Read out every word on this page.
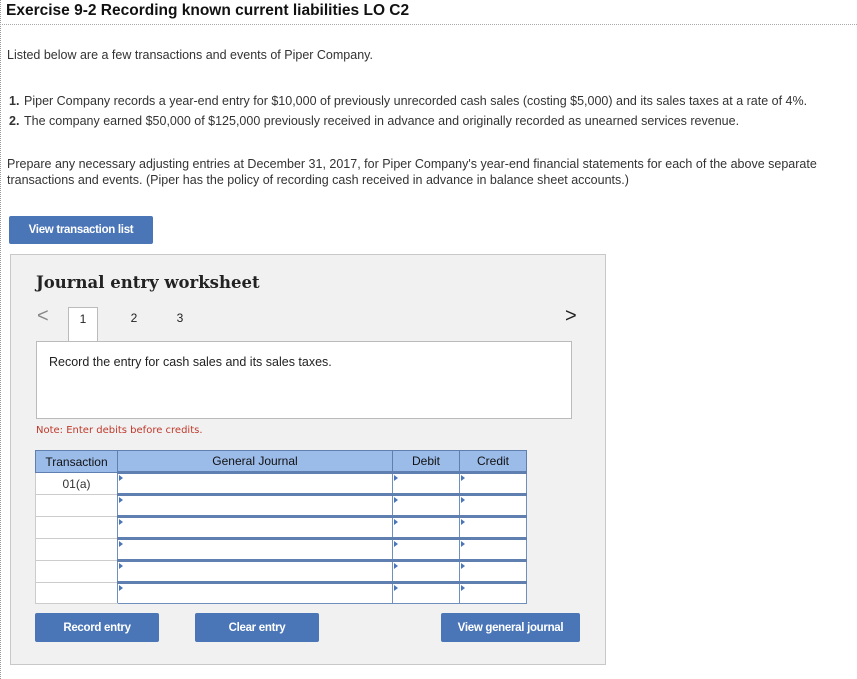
Exercise 9-2 Recording known current liabilities LO C2
Listed below are a few transactions and events of Piper Company.
1. Piper Company records a year-end entry for $10,000 of previously unrecorded cash sales (costing $5,000) and its sales taxes at a rate of 4%.
2. The company earned $50,000 of $125,000 previously received in advance and originally recorded as unearned services revenue.
Prepare any necessary adjusting entries at December 31, 2017, for Piper Company's year-end financial statements for each of the above separate transactions and events. (Piper has the policy of recording cash received in advance in balance sheet accounts.)
View transaction list
Journal entry worksheet
<	1	2	3	>
Record the entry for cash sales and its sales taxes.
Note: Enter debits before credits.
Transaction	General Journal	Debit	Credit
01(a)			

Record entry	Clear entry	View general journal
